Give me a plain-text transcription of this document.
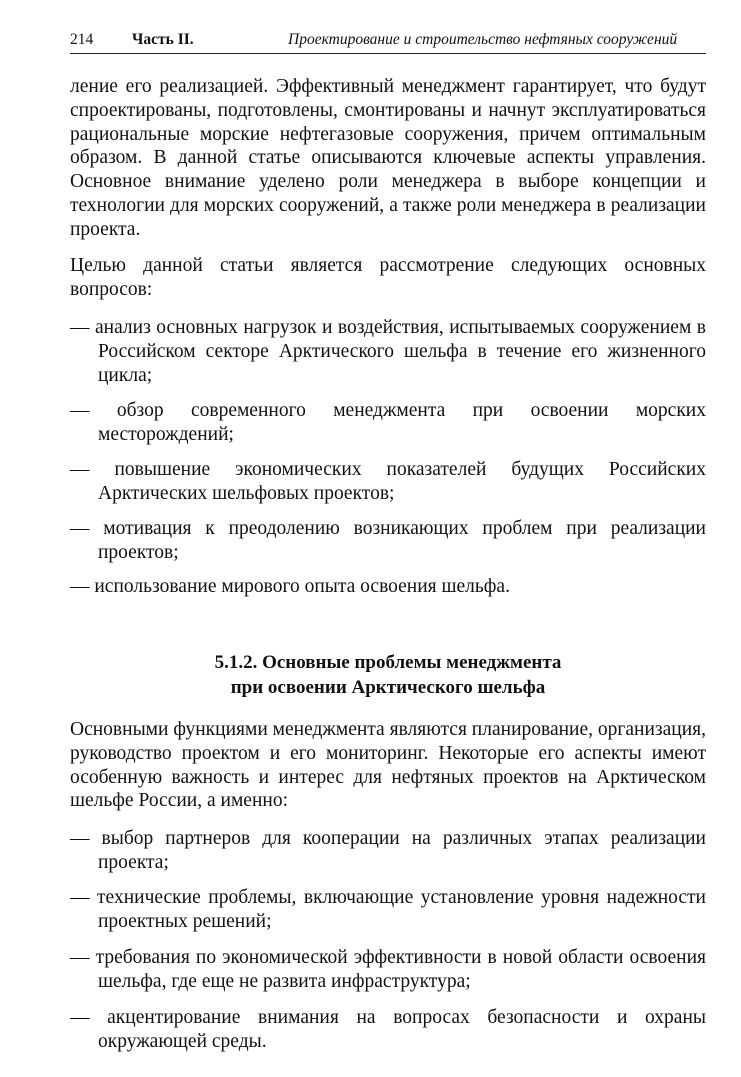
214	Часть II.	Проектирование и строительство нефтяных сооружений

ление его реализацией. Эффективный менеджмент гарантирует, что будут спроектированы, подготовлены, смонтированы и начнут эксплуатироваться рациональные морские нефтегазовые сооружения, причем оптимальным образом. В данной статье описываются ключевые аспекты управления. Основное внимание уделено роли менеджера в выборе концепции и технологии для морских сооружений, а также роли менеджера в реализации проекта.

Целью данной статьи является рассмотрение следующих основных вопросов:

— анализ основных нагрузок и воздействия, испытываемых сооружением в Российском секторе Арктического шельфа в течение его жизненного цикла;

— обзор современного менеджмента при освоении морских месторождений;

— повышение экономических показателей будущих Российских Арктических шельфовых проектов;

— мотивация к преодолению возникающих проблем при реализации проектов;

— использование мирового опыта освоения шельфа.

5.1.2. Основные проблемы менеджмента
при освоении Арктического шельфа

Основными функциями менеджмента являются планирование, организация, руководство проектом и его мониторинг. Некоторые его аспекты имеют особенную важность и интерес для нефтяных проектов на Арктическом шельфе России, а именно:

— выбор партнеров для кооперации на различных этапах реализации проекта;

— технические проблемы, включающие установление уровня надежности проектных решений;

— требования по экономической эффективности в новой области освоения шельфа, где еще не развита инфраструктура;

— акцентирование внимания на вопросах безопасности и охраны окружающей среды.
